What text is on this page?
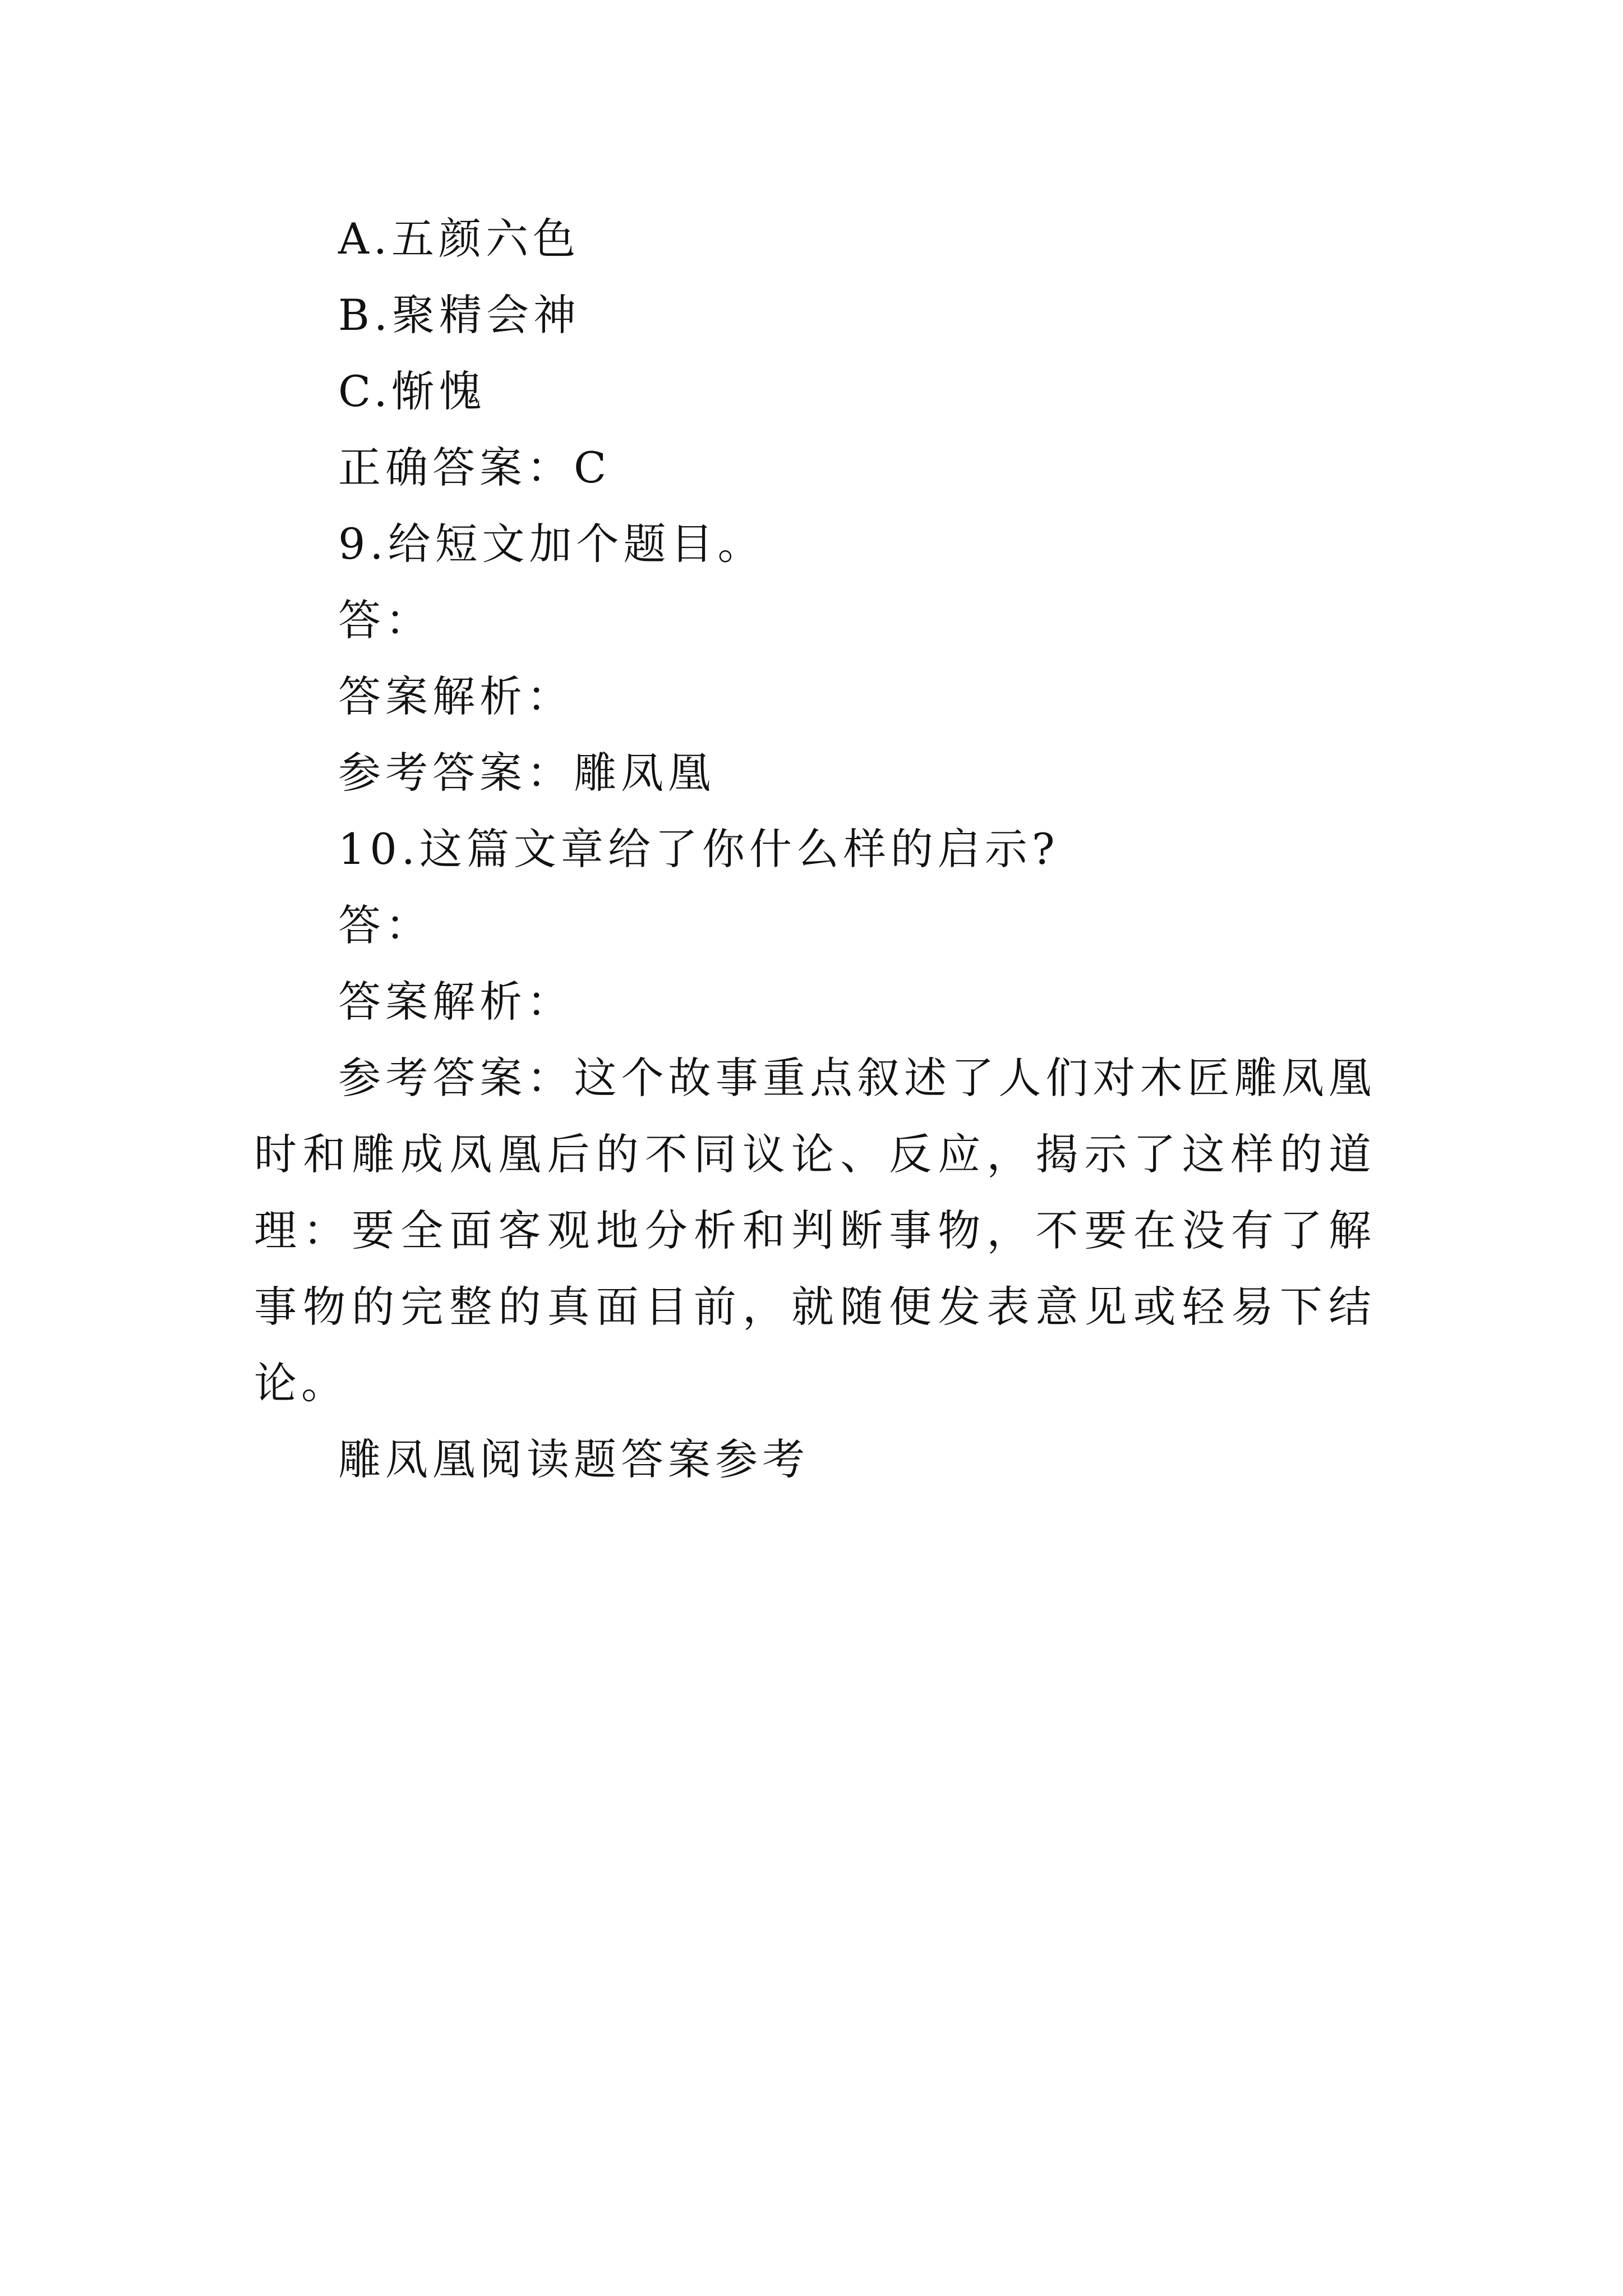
A.五颜六色
B.聚精会神
C.惭愧
正确答案：C
9.给短文加个题目。
答：
答案解析：
参考答案：雕凤凰
10.这篇文章给了你什么样的启示?
答：
答案解析：
参考答案：这个故事重点叙述了人们对木匠雕凤凰时和雕成凤凰后的不同议论、反应，揭示了这样的道理：要全面客观地分析和判断事物，不要在没有了解事物的完整的真面目前，就随便发表意见或轻易下结论。
雕凤凰阅读题答案参考
